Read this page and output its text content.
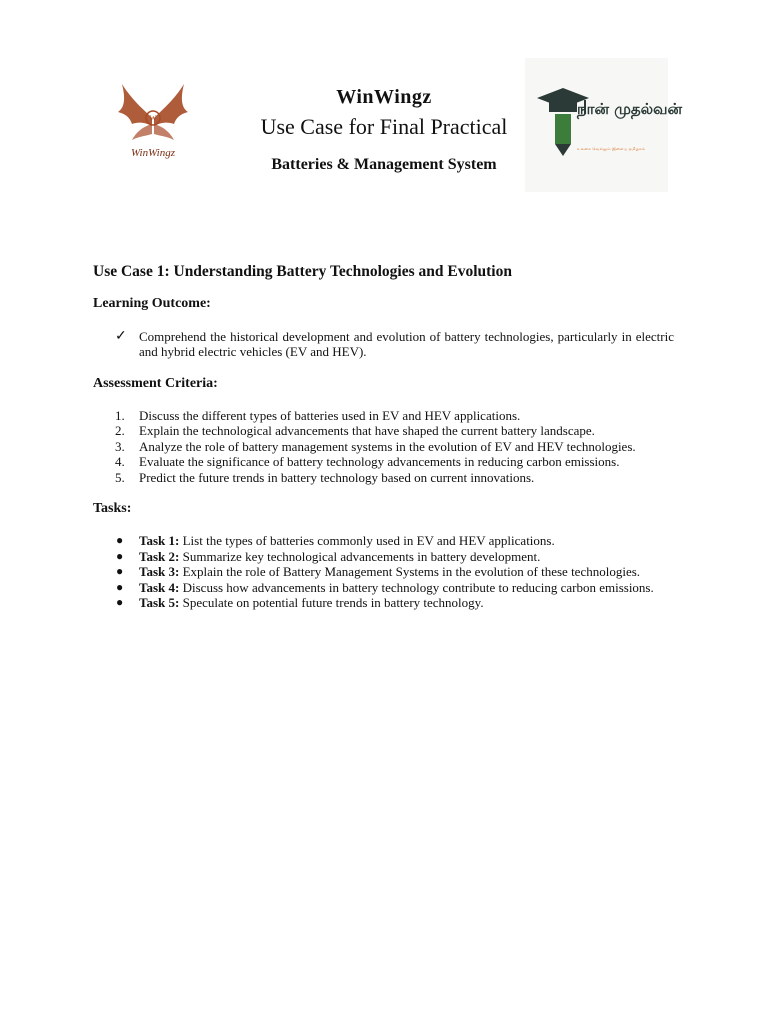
W
WinWingz
WinWingz
Use Case for Final Practical
Batteries & Management System
நான் முதல்வன்
உலகை வெல்லும் இளைய தமிழகம்
Use Case 1: Understanding Battery Technologies and Evolution
Learning Outcome:
✓ Comprehend the historical development and evolution of battery technologies, particularly in electric and hybrid electric vehicles (EV and HEV).
Assessment Criteria:
1.	Discuss the different types of batteries used in EV and HEV applications.
2.	Explain the technological advancements that have shaped the current battery landscape.
3.	Analyze the role of battery management systems in the evolution of EV and HEV technologies.
4.	Evaluate the significance of battery technology advancements in reducing carbon emissions.
5.	Predict the future trends in battery technology based on current innovations.
Tasks:
●	Task 1: List the types of batteries commonly used in EV and HEV applications.
●	Task 2: Summarize key technological advancements in battery development.
●	Task 3: Explain the role of Battery Management Systems in the evolution of these technologies.
●	Task 4: Discuss how advancements in battery technology contribute to reducing carbon emissions.
●	Task 5: Speculate on potential future trends in battery technology.
